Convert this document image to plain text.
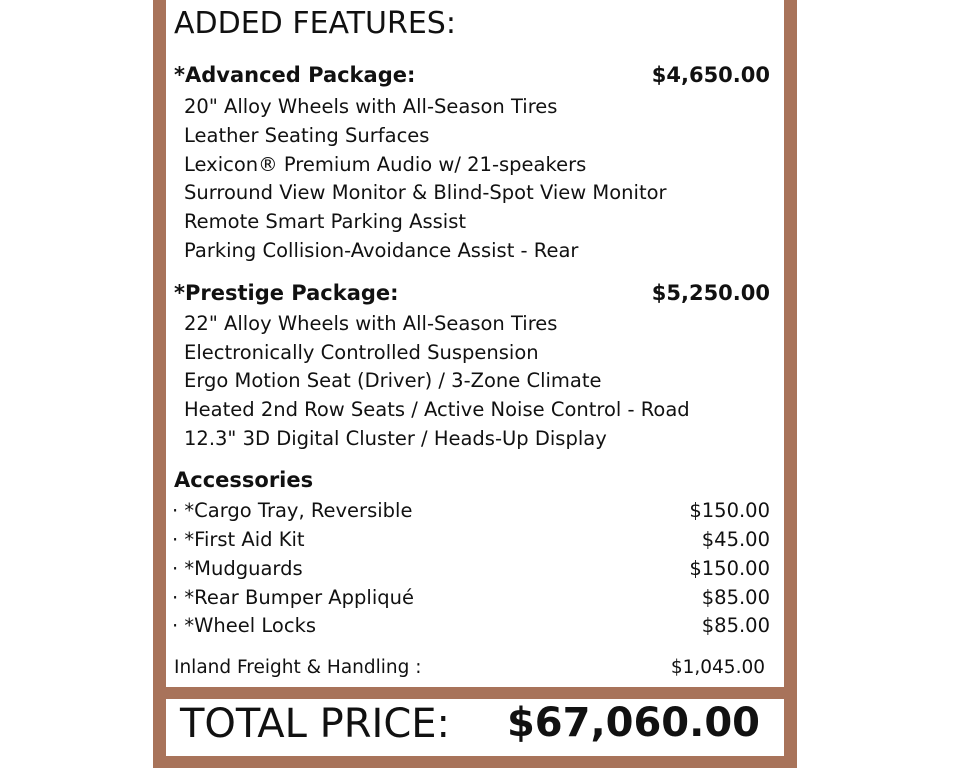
ADDED FEATURES:
*Advanced Package:	$4,650.00
20" Alloy Wheels with All-Season Tires
Leather Seating Surfaces
Lexicon® Premium Audio w/ 21-speakers
Surround View Monitor & Blind-Spot View Monitor
Remote Smart Parking Assist
Parking Collision-Avoidance Assist - Rear
*Prestige Package:	$5,250.00
22" Alloy Wheels with All-Season Tires
Electronically Controlled Suspension
Ergo Motion Seat (Driver) / 3-Zone Climate
Heated 2nd Row Seats / Active Noise Control - Road
12.3" 3D Digital Cluster / Heads-Up Display
Accessories
· *Cargo Tray, Reversible	$150.00
· *First Aid Kit	$45.00
· *Mudguards	$150.00
· *Rear Bumper Appliqué	$85.00
· *Wheel Locks	$85.00
Inland Freight & Handling :	$1,045.00
TOTAL PRICE: $67,060.00
